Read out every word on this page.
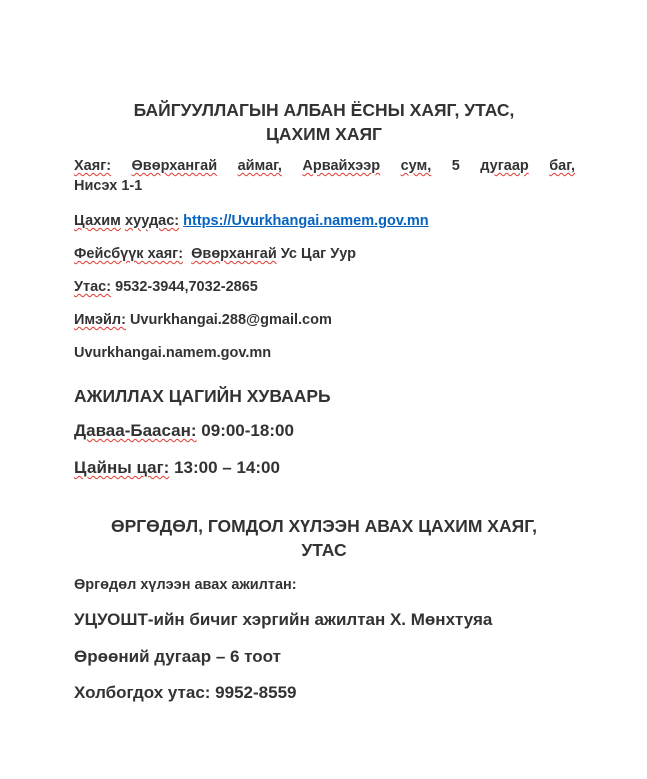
БАЙГУУЛЛАГЫН АЛБАН ЁСНЫ ХАЯГ, УТАС,
ЦАХИМ ХАЯГ
Хаяг: Өвөрхангай аймаг, Арвайхээр сум, 5 дугаар баг,
Нисэх 1-1
Цахим хуудас: https://Uvurkhangai.namem.gov.mn
Фейсбүүк хаяг: Өвөрхангай Ус Цаг Уур
Утас: 9532-3944,7032-2865
Имэйл: Uvurkhangai.288@gmail.com
Uvurkhangai.namem.gov.mn
АЖИЛЛАХ ЦАГИЙН ХУВААРЬ
Даваа-Баасан: 09:00-18:00
Цайны цаг: 13:00 – 14:00
ӨРГӨДӨЛ, ГОМДОЛ ХҮЛЭЭН АВАХ ЦАХИМ ХАЯГ,
УТАС
Өргөдөл хүлээн авах ажилтан:
УЦУОШТ-ийн бичиг хэргийн ажилтан Х. Мөнхтуяа
Өрөөний дугаар – 6 тоот
Холбогдох утас: 9952-8559
